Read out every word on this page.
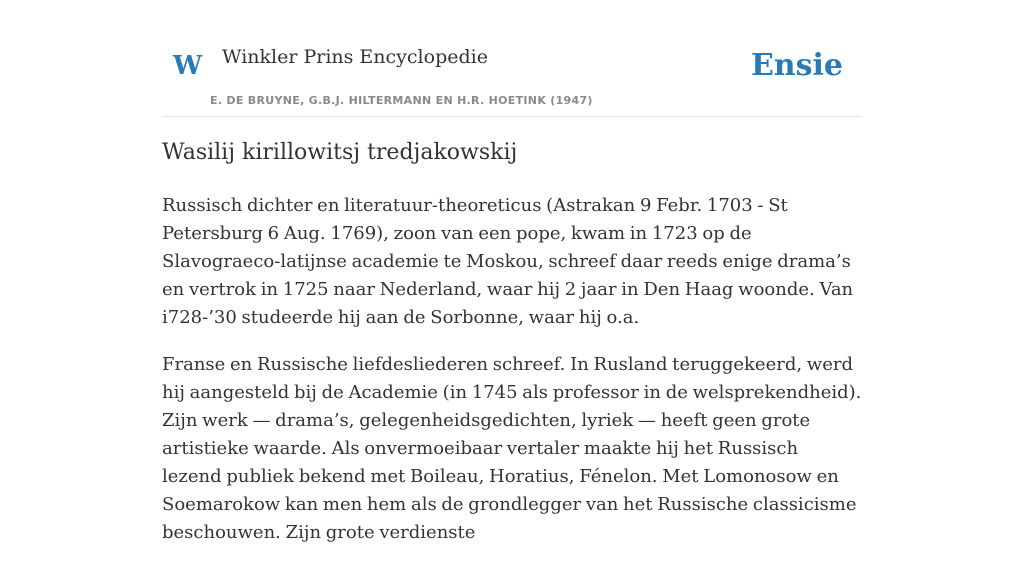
W Winkler Prins Encyclopedie
E. DE BRUYNE, G.B.J. HILTERMANN EN H.R. HOETINK (1947)
Ensie
Wasilij kirillowitsj tredjakowskij

Russisch dichter en literatuur-theoreticus (Astrakan 9 Febr. 1703 - St Petersburg 6 Aug. 1769), zoon van een pope, kwam in 1723 op de Slavograeco-latijnse academie te Moskou, schreef daar reeds enige drama’s en vertrok in 1725 naar Nederland, waar hij 2 jaar in Den Haag woonde. Van i728-’30 studeerde hij aan de Sorbonne, waar hij o.a.

Franse en Russische liefdesliederen schreef. In Rusland teruggekeerd, werd hij aangesteld bij de Academie (in 1745 als professor in de welsprekendheid). Zijn werk — drama’s, gelegenheidsgedichten, lyriek — heeft geen grote artistieke waarde. Als onvermoeibaar vertaler maakte hij het Russisch lezend publiek bekend met Boileau, Horatius, Fénelon. Met Lomonosow en Soemarokow kan men hem als de grondlegger van het Russische classicisme beschouwen. Zijn grote verdienste
